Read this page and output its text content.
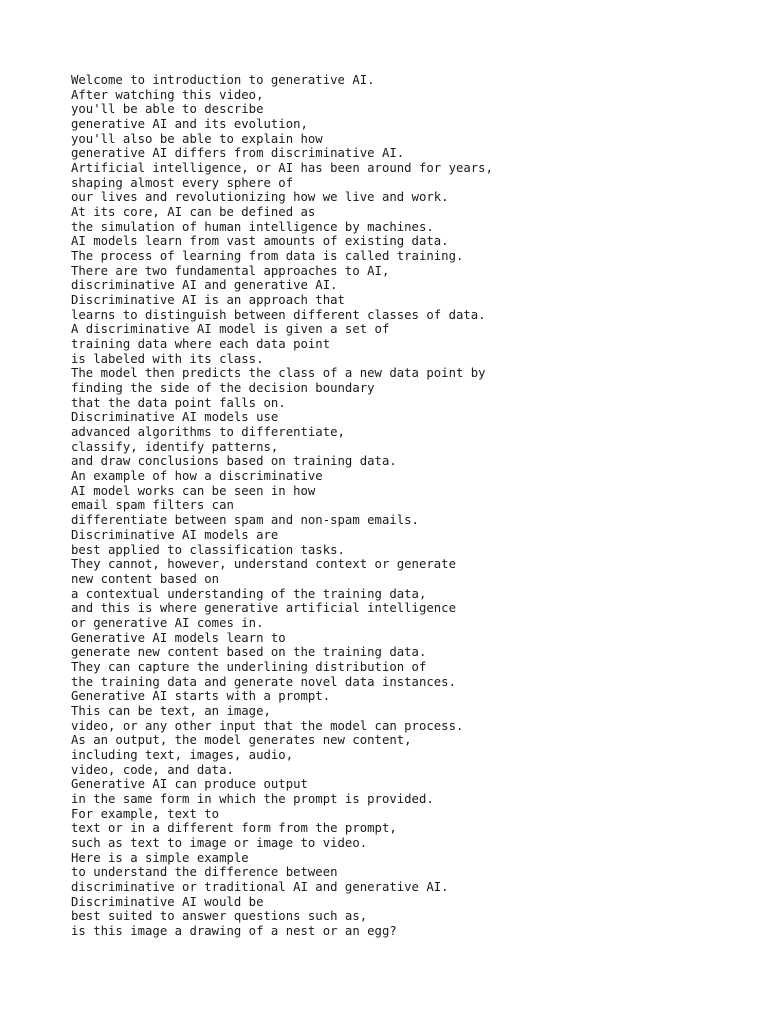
Welcome to introduction to generative AI.
After watching this video,
you'll be able to describe
generative AI and its evolution,
you'll also be able to explain how
generative AI differs from discriminative AI.
Artificial intelligence, or AI has been around for years,
shaping almost every sphere of
our lives and revolutionizing how we live and work.
At its core, AI can be defined as
the simulation of human intelligence by machines.
AI models learn from vast amounts of existing data.
The process of learning from data is called training.
There are two fundamental approaches to AI,
discriminative AI and generative AI.
Discriminative AI is an approach that
learns to distinguish between different classes of data.
A discriminative AI model is given a set of
training data where each data point
is labeled with its class.
The model then predicts the class of a new data point by
finding the side of the decision boundary
that the data point falls on.
Discriminative AI models use
advanced algorithms to differentiate,
classify, identify patterns,
and draw conclusions based on training data.
An example of how a discriminative
AI model works can be seen in how
email spam filters can
differentiate between spam and non-spam emails.
Discriminative AI models are
best applied to classification tasks.
They cannot, however, understand context or generate
new content based on
a contextual understanding of the training data,
and this is where generative artificial intelligence
or generative AI comes in.
Generative AI models learn to
generate new content based on the training data.
They can capture the underlining distribution of
the training data and generate novel data instances.
Generative AI starts with a prompt.
This can be text, an image,
video, or any other input that the model can process.
As an output, the model generates new content,
including text, images, audio,
video, code, and data.
Generative AI can produce output
in the same form in which the prompt is provided.
For example, text to
text or in a different form from the prompt,
such as text to image or image to video.
Here is a simple example
to understand the difference between
discriminative or traditional AI and generative AI.
Discriminative AI would be
best suited to answer questions such as,
is this image a drawing of a nest or an egg?
